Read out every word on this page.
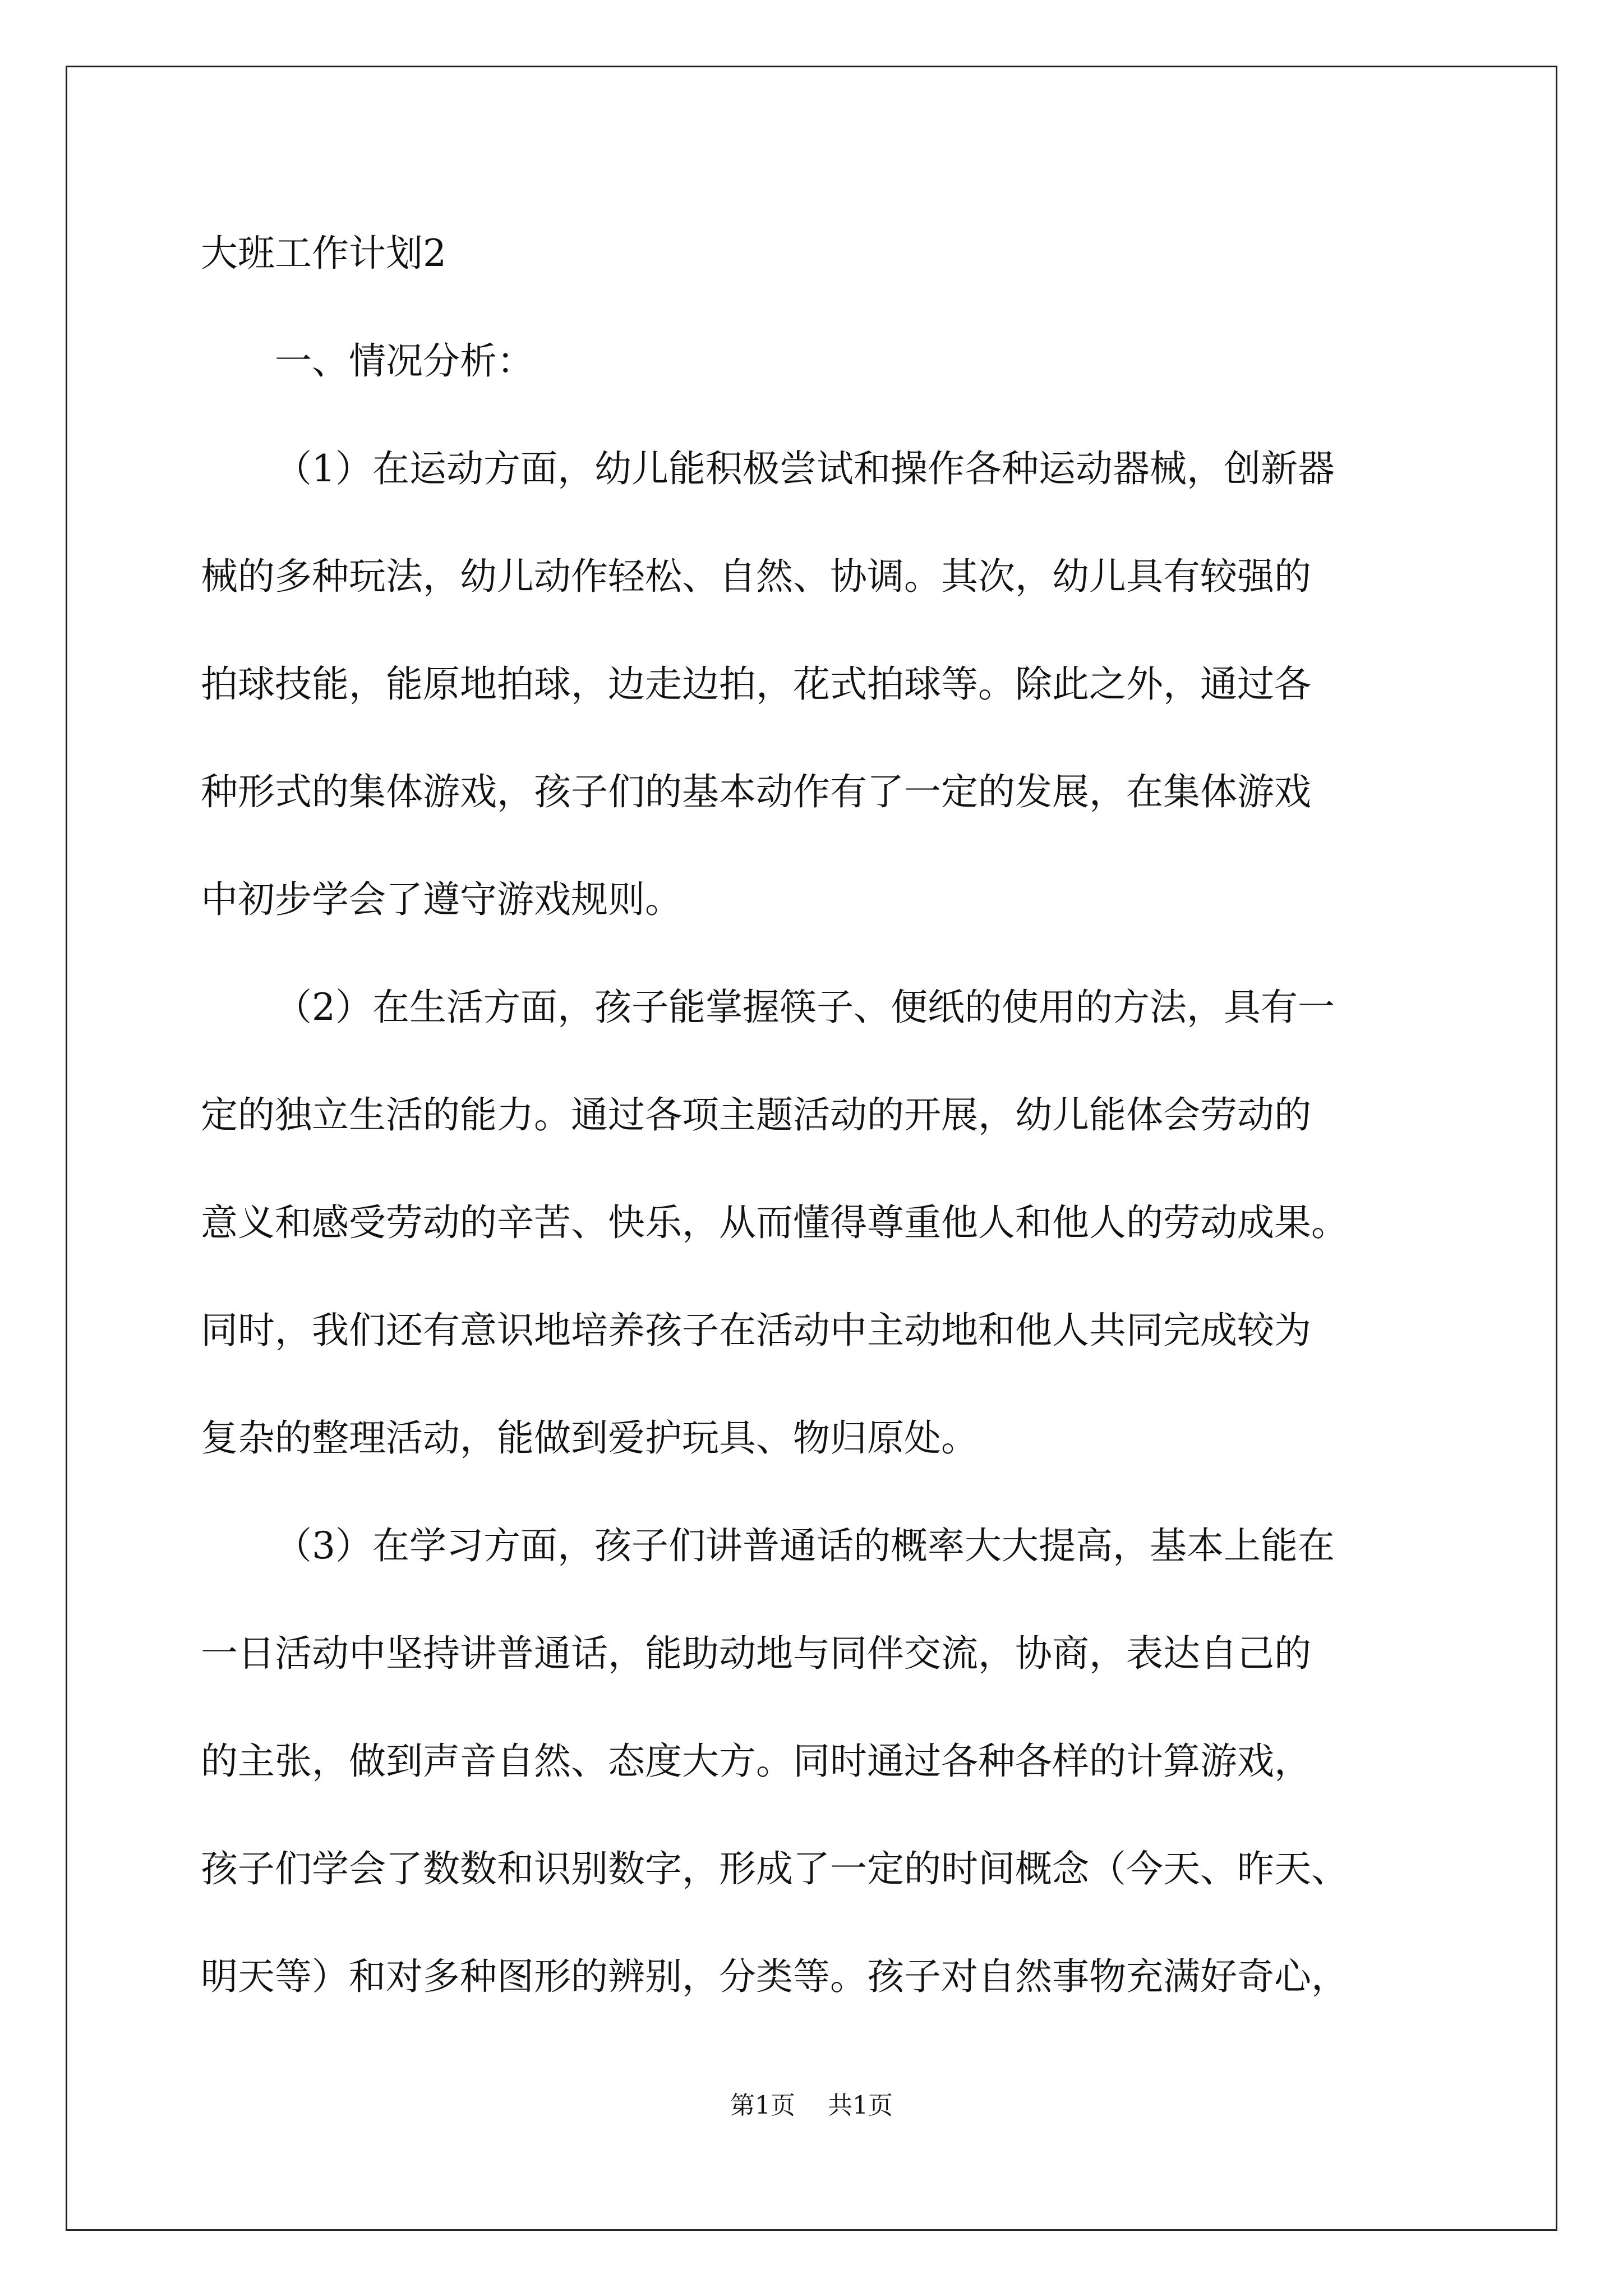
大班工作计划2
一、情况分析：
（1）在运动方面，幼儿能积极尝试和操作各种运动器械，创新器
械的多种玩法，幼儿动作轻松、自然、协调。其次，幼儿具有较强的
拍球技能，能原地拍球，边走边拍，花式拍球等。除此之外，通过各
种形式的集体游戏，孩子们的基本动作有了一定的发展，在集体游戏
中初步学会了遵守游戏规则。
（2）在生活方面，孩子能掌握筷子、便纸的使用的方法，具有一
定的独立生活的能力。通过各项主题活动的开展，幼儿能体会劳动的
意义和感受劳动的辛苦、快乐，从而懂得尊重他人和他人的劳动成果。
同时，我们还有意识地培养孩子在活动中主动地和他人共同完成较为
复杂的整理活动，能做到爱护玩具、物归原处。
（3）在学习方面，孩子们讲普通话的概率大大提高，基本上能在
一日活动中坚持讲普通话，能助动地与同伴交流，协商，表达自己的
的主张，做到声音自然、态度大方。同时通过各种各样的计算游戏，
孩子们学会了数数和识别数字，形成了一定的时间概念（今天、昨天、
明天等）和对多种图形的辨别，分类等。孩子对自然事物充满好奇心，
第1页 共1页
